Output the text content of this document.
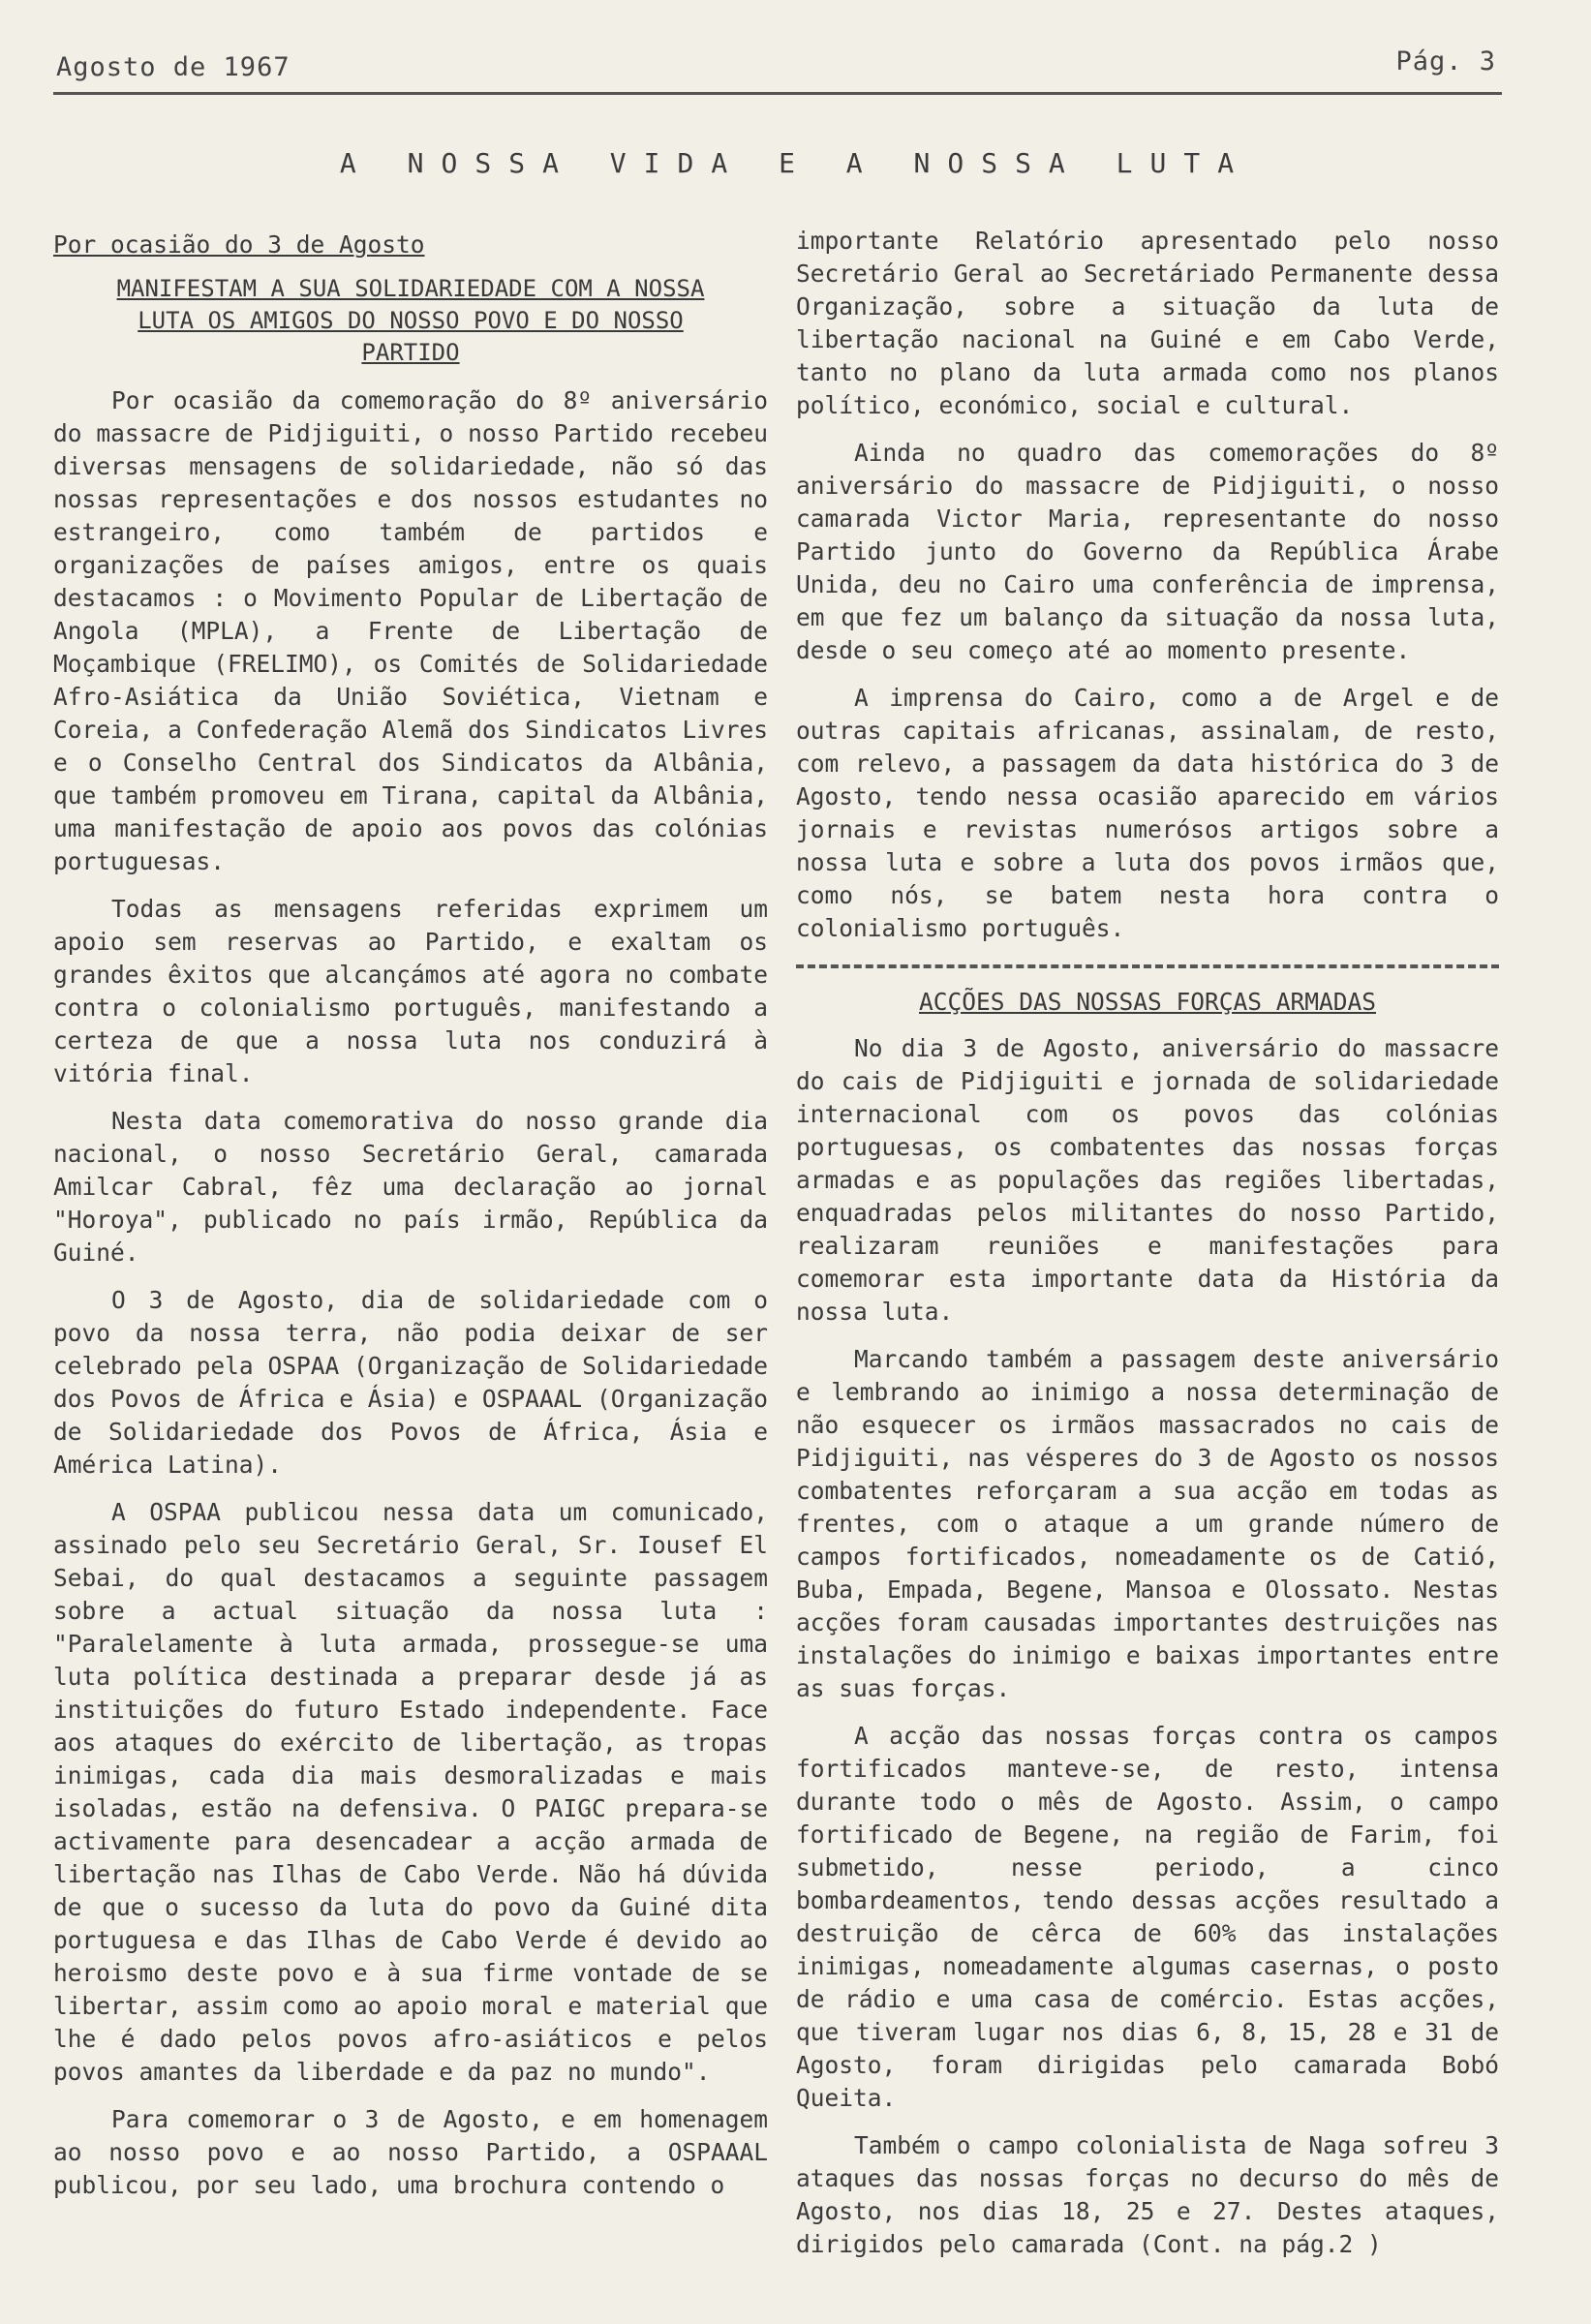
Agosto de 1967	Pág. 3
A NOSSA VIDA E A NOSSA LUTA
Por ocasião do 3 de Agosto
MANIFESTAM A SUA SOLIDARIEDADE COM A NOSSA LUTA OS AMIGOS DO NOSSO POVO E DO NOSSO PARTIDO

Por ocasião da comemoração do 8º aniversário do massacre de Pidjiguiti, o nosso Partido recebeu diversas mensagens de solidariedade, não só das nossas representações e dos nossos estudantes no estrangeiro, como também de partidos e organizações de países amigos, entre os quais destacamos : o Movimento Popular de Libertação de Angola (MPLA), a Frente de Libertação de Moçambique (FRELIMO), os Comités de Solidariedade Afro-Asiática da União Soviética, Vietnam e Coreia, a Confederação Alemã dos Sindicatos Livres e o Conselho Central dos Sindicatos da Albânia, que também promoveu em Tirana, capital da Albânia, uma manifestação de apoio aos povos das colónias portuguesas.

Todas as mensagens referidas exprimem um apoio sem reservas ao Partido, e exaltam os grandes êxitos que alcançámos até agora no combate contra o colonialismo português, manifestando a certeza de que a nossa luta nos conduzirá à vitória final.

Nesta data comemorativa do nosso grande dia nacional, o nosso Secretário Geral, camarada Amilcar Cabral, fêz uma declaração ao jornal "Horoya", publicado no país irmão, República da Guiné.

O 3 de Agosto, dia de solidariedade com o povo da nossa terra, não podia deixar de ser celebrado pela OSPAA (Organização de Solidariedade dos Povos de África e Ásia) e OSPAAAL (Organização de Solidariedade dos Povos de África, Ásia e América Latina).

A OSPAA publicou nessa data um comunicado, assinado pelo seu Secretário Geral, Sr. Iousef El Sebai, do qual destacamos a seguinte passagem sobre a actual situação da nossa luta : "Paralelamente à luta armada, prossegue-se uma luta política destinada a preparar desde já as instituições do futuro Estado independente. Face aos ataques do exército de libertação, as tropas inimigas, cada dia mais desmoralizadas e mais isoladas, estão na defensiva. O PAIGC prepara-se activamente para desencadear a acção armada de libertação nas Ilhas de Cabo Verde. Não há dúvida de que o sucesso da luta do povo da Guiné dita portuguesa e das Ilhas de Cabo Verde é devido ao heroismo deste povo e à sua firme vontade de se libertar, assim como ao apoio moral e material que lhe é dado pelos povos afro-asiáticos e pelos povos amantes da liberdade e da paz no mundo".

Para comemorar o 3 de Agosto, e em homenagem ao nosso povo e ao nosso Partido, a OSPAAAL publicou, por seu lado, uma brochura contendo o

importante Relatório apresentado pelo nosso Secretário Geral ao Secretáriado Permanente dessa Organização, sobre a situação da luta de libertação nacional na Guiné e em Cabo Verde, tanto no plano da luta armada como nos planos político, económico, social e cultural.

Ainda no quadro das comemorações do 8º aniversário do massacre de Pidjiguiti, o nosso camarada Victor Maria, representante do nosso Partido junto do Governo da República Árabe Unida, deu no Cairo uma conferência de imprensa, em que fez um balanço da situação da nossa luta, desde o seu começo até ao momento presente.

A imprensa do Cairo, como a de Argel e de outras capitais africanas, assinalam, de resto, com relevo, a passagem da data histórica do 3 de Agosto, tendo nessa ocasião aparecido em vários jornais e revistas numerósos artigos sobre a nossa luta e sobre a luta dos povos irmãos que, como nós, se batem nesta hora contra o colonialismo português.

ACÇÕES DAS NOSSAS FORÇAS ARMADAS

No dia 3 de Agosto, aniversário do massacre do cais de Pidjiguiti e jornada de solidariedade internacional com os povos das colónias portuguesas, os combatentes das nossas forças armadas e as populações das regiões libertadas, enquadradas pelos militantes do nosso Partido, realizaram reuniões e manifestações para comemorar esta importante data da História da nossa luta.

Marcando também a passagem deste aniversário e lembrando ao inimigo a nossa determinação de não esquecer os irmãos massacrados no cais de Pidjiguiti, nas vésperes do 3 de Agosto os nossos combatentes reforçaram a sua acção em todas as frentes, com o ataque a um grande número de campos fortificados, nomeadamente os de Catió, Buba, Empada, Begene, Mansoa e Olossato. Nestas acções foram causadas importantes destruições nas instalações do inimigo e baixas importantes entre as suas forças.

A acção das nossas forças contra os campos fortificados manteve-se, de resto, intensa durante todo o mês de Agosto. Assim, o campo fortificado de Begene, na região de Farim, foi submetido, nesse periodo, a cinco bombardeamentos, tendo dessas acções resultado a destruição de cêrca de 60% das instalações inimigas, nomeadamente algumas casernas, o posto de rádio e uma casa de comércio. Estas acções, que tiveram lugar nos dias 6, 8, 15, 28 e 31 de Agosto, foram dirigidas pelo camarada Bobó Queita.

Também o campo colonialista de Naga sofreu 3 ataques das nossas forças no decurso do mês de Agosto, nos dias 18, 25 e 27. Destes ataques, dirigidos pelo camarada (Cont. na pág.2 )
